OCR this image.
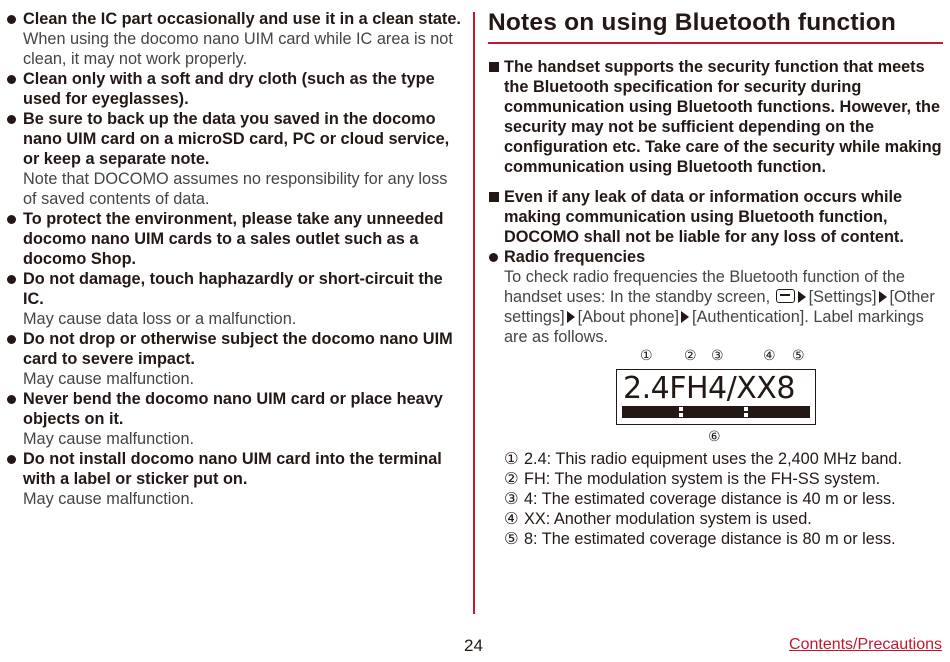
Clean the IC part occasionally and use it in a clean state.
When using the docomo nano UIM card while IC area is not clean, it may not work properly.
Clean only with a soft and dry cloth (such as the type used for eyeglasses).
Be sure to back up the data you saved in the docomo nano UIM card on a microSD card, PC or cloud service, or keep a separate note.
Note that DOCOMO assumes no responsibility for any loss of saved contents of data.
To protect the environment, please take any unneeded docomo nano UIM cards to a sales outlet such as a docomo Shop.
Do not damage, touch haphazardly or short-circuit the IC.
May cause data loss or a malfunction.
Do not drop or otherwise subject the docomo nano UIM card to severe impact.
May cause malfunction.
Never bend the docomo nano UIM card or place heavy objects on it.
May cause malfunction.
Do not install docomo nano UIM card into the terminal with a label or sticker put on.
May cause malfunction.
Notes on using Bluetooth function
The handset supports the security function that meets the Bluetooth specification for security during communication using Bluetooth functions. However, the security may not be sufficient depending on the configuration etc. Take care of the security while making communication using Bluetooth function.
Even if any leak of data or information occurs while making communication using Bluetooth function, DOCOMO shall not be liable for any loss of content.
Radio frequencies
To check radio frequencies the Bluetooth function of the handset uses: In the standby screen, [Settings] [Other settings] [About phone] [Authentication]. Label markings are as follows.
① ② ③	④ ⑤
2.4FH4/XX8
⑥
① 2.4: This radio equipment uses the 2,400 MHz band.
② FH: The modulation system is the FH-SS system.
③ 4: The estimated coverage distance is 40 m or less.
④ XX: Another modulation system is used.
⑤ 8: The estimated coverage distance is 80 m or less.
24	Contents/Precautions
